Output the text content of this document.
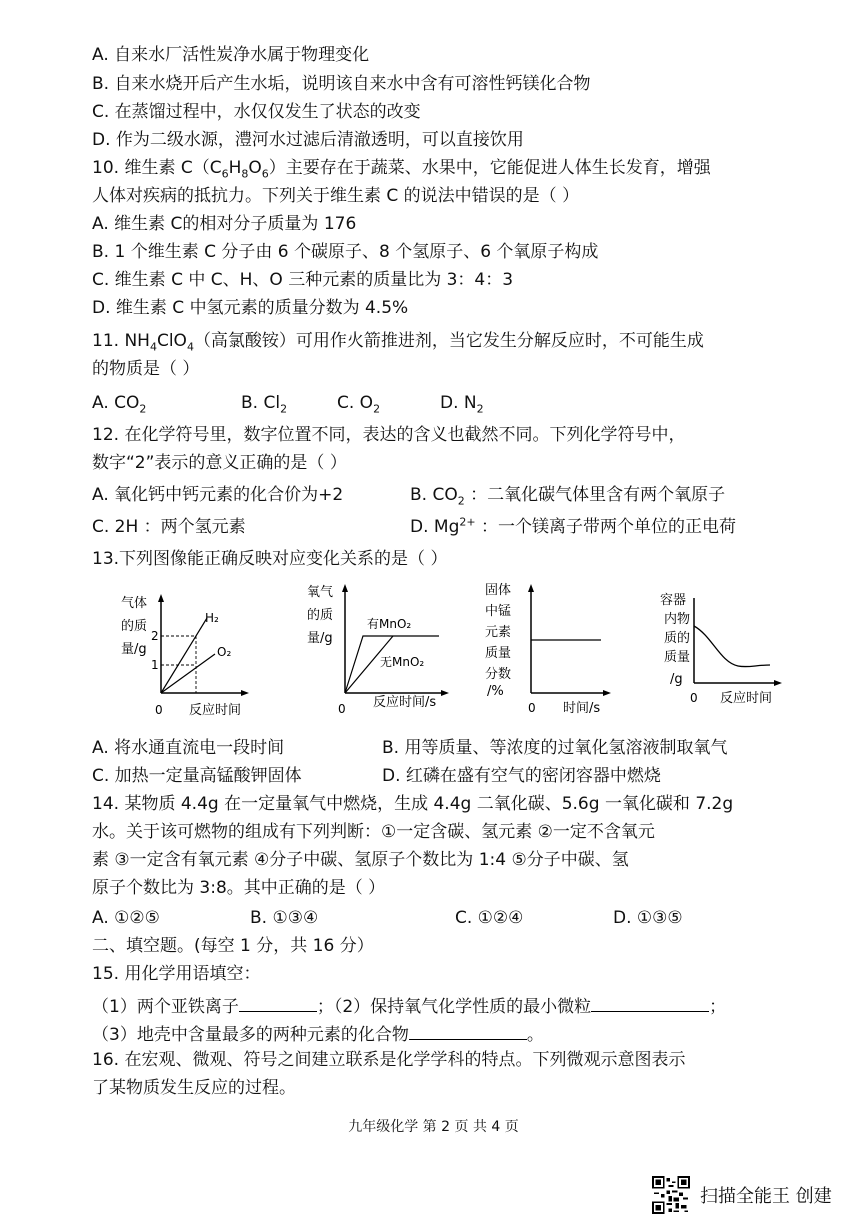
A. 自来水厂活性炭净水属于物理变化
B. 自来水烧开后产生水垢，说明该自来水中含有可溶性钙镁化合物
C. 在蒸馏过程中，水仅仅发生了状态的改变
D. 作为二级水源，澧河水过滤后清澈透明，可以直接饮用
10. 维生素 $C(C_6H_8O_6)$主要存在于蔬菜、水果中，它能促进人体生长发育，增强
人体对疾病的抵抗力。下列关于维生素 C 的说法中错误的是（ ）
A. 维生素 C的相对分子质量为 176
B. 1 个维生素 C 分子由 6 个碳原子、8 个氢原子、6 个氧原子构成
C. 维生素 C 中 C、H、O 三种元素的质量比为 3：4：3
D. 维生素 C 中氢元素的质量分数为 4.5%
11. $NH_4ClO_4$（高氯酸铵）可用作火箭推进剂，当它发生分解反应时，不可能生成
的物质是（ ）
A. $CO_2$	B. $Cl_2$	C. $O_2$	D. $N_2$
12. 在化学符号里，数字位置不同，表达的含义也截然不同。下列化学符号中，
数字“2”表示的意义正确的是（ ）
A. 氧化钙中钙元素的化合价为+2	B. $CO_2$ ：二氧化碳气体里含有两个氧原子
C. 2H ：两个氢元素	D. $Mg^{2+}$ ：一个镁离子带两个单位的正电荷
13.下列图像能正确反映对应变化关系的是（ ）
气体
的质
量/g
2
1
H₂
O₂
0 反应时间
氧气
的质
量/g
有MnO₂
无MnO₂
0 反应时间/s
固体
中锰
元素
质量
分数
/%
0 时间/s
容器
内物
质的
质量
/g
0 反应时间
A. 将水通直流电一段时间	B. 用等质量、等浓度的过氧化氢溶液制取氧气
C. 加热一定量高锰酸钾固体	D. 红磷在盛有空气的密闭容器中燃烧
14. 某物质 4.4g 在一定量氧气中燃烧，生成 4.4g 二氧化碳、5.6g 一氧化碳和 7.2g
水。关于该可燃物的组成有下列判断：①一定含碳、氢元素 ②一定不含氧元
素 ③一定含有氧元素 ④分子中碳、氢原子个数比为 1:4 ⑤分子中碳、氢
原子个数比为 3:8。其中正确的是（ ）
A. ①②⑤	B. ①③④	C. ①②④	D. ①③⑤
二、填空题。(每空 1 分，共 16 分）
15. 用化学用语填空：
（1）两个亚铁离子	；（2）保持氧气化学性质的最小微粒	；
（3）地壳中含量最多的两种元素的化合物	。
16. 在宏观、微观、符号之间建立联系是化学学科的特点。下列微观示意图表示
了某物质发生反应的过程。
九年级化学 第 2 页 共 4 页
扫描全能王 创建
